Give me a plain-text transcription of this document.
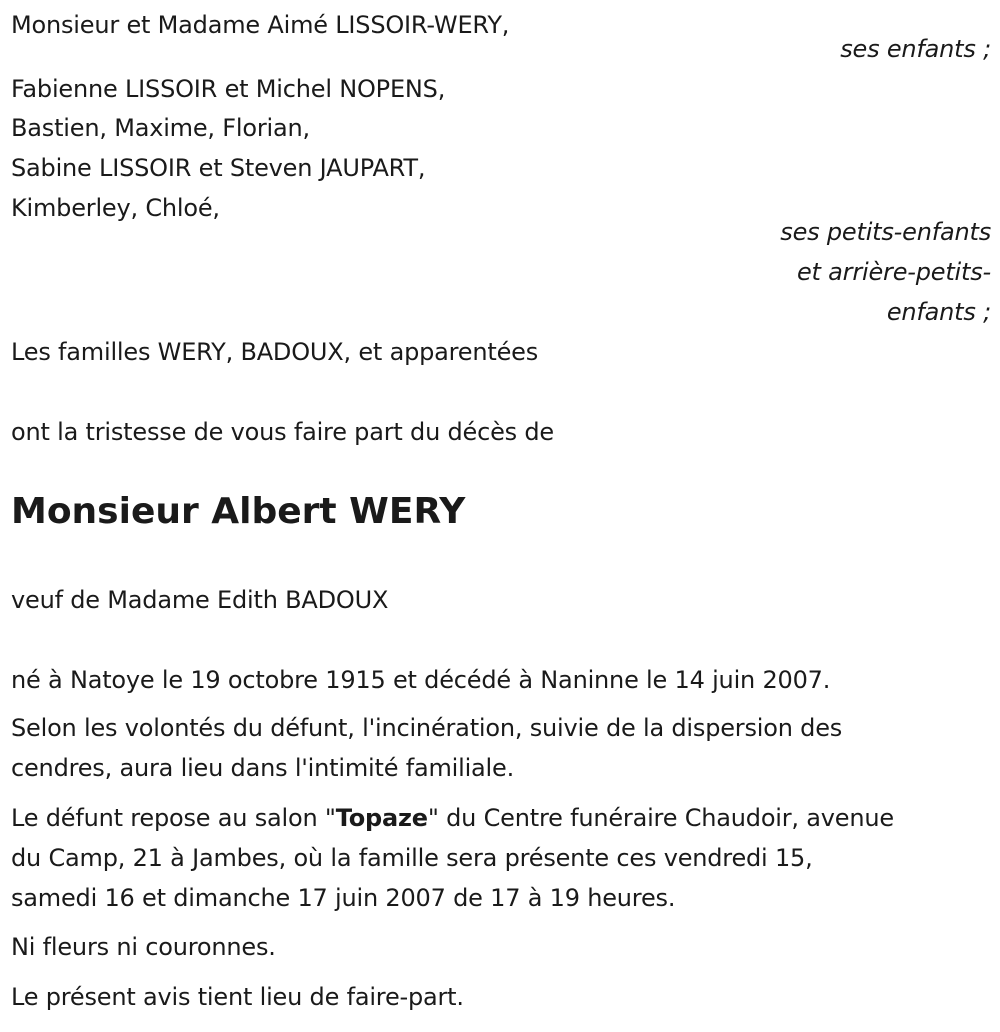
Monsieur et Madame Aimé LISSOIR-WERY,
ses enfants ;
Fabienne LISSOIR et Michel NOPENS,
Bastien, Maxime, Florian,
Sabine LISSOIR et Steven JAUPART,
Kimberley, Chloé,
ses petits-enfants
et arrière-petits-
enfants ;
Les familles WERY, BADOUX, et apparentées
ont la tristesse de vous faire part du décès de
Monsieur Albert WERY
veuf de Madame Edith BADOUX
né à Natoye le 19 octobre 1915 et décédé à Naninne le 14 juin 2007.
Selon les volontés du défunt, l'incinération, suivie de la dispersion des
cendres, aura lieu dans l'intimité familiale.
Le défunt repose au salon "Topaze" du Centre funéraire Chaudoir, avenue
du Camp, 21 à Jambes, où la famille sera présente ces vendredi 15,
samedi 16 et dimanche 17 juin 2007 de 17 à 19 heures.
Ni fleurs ni couronnes.
Le présent avis tient lieu de faire-part.
